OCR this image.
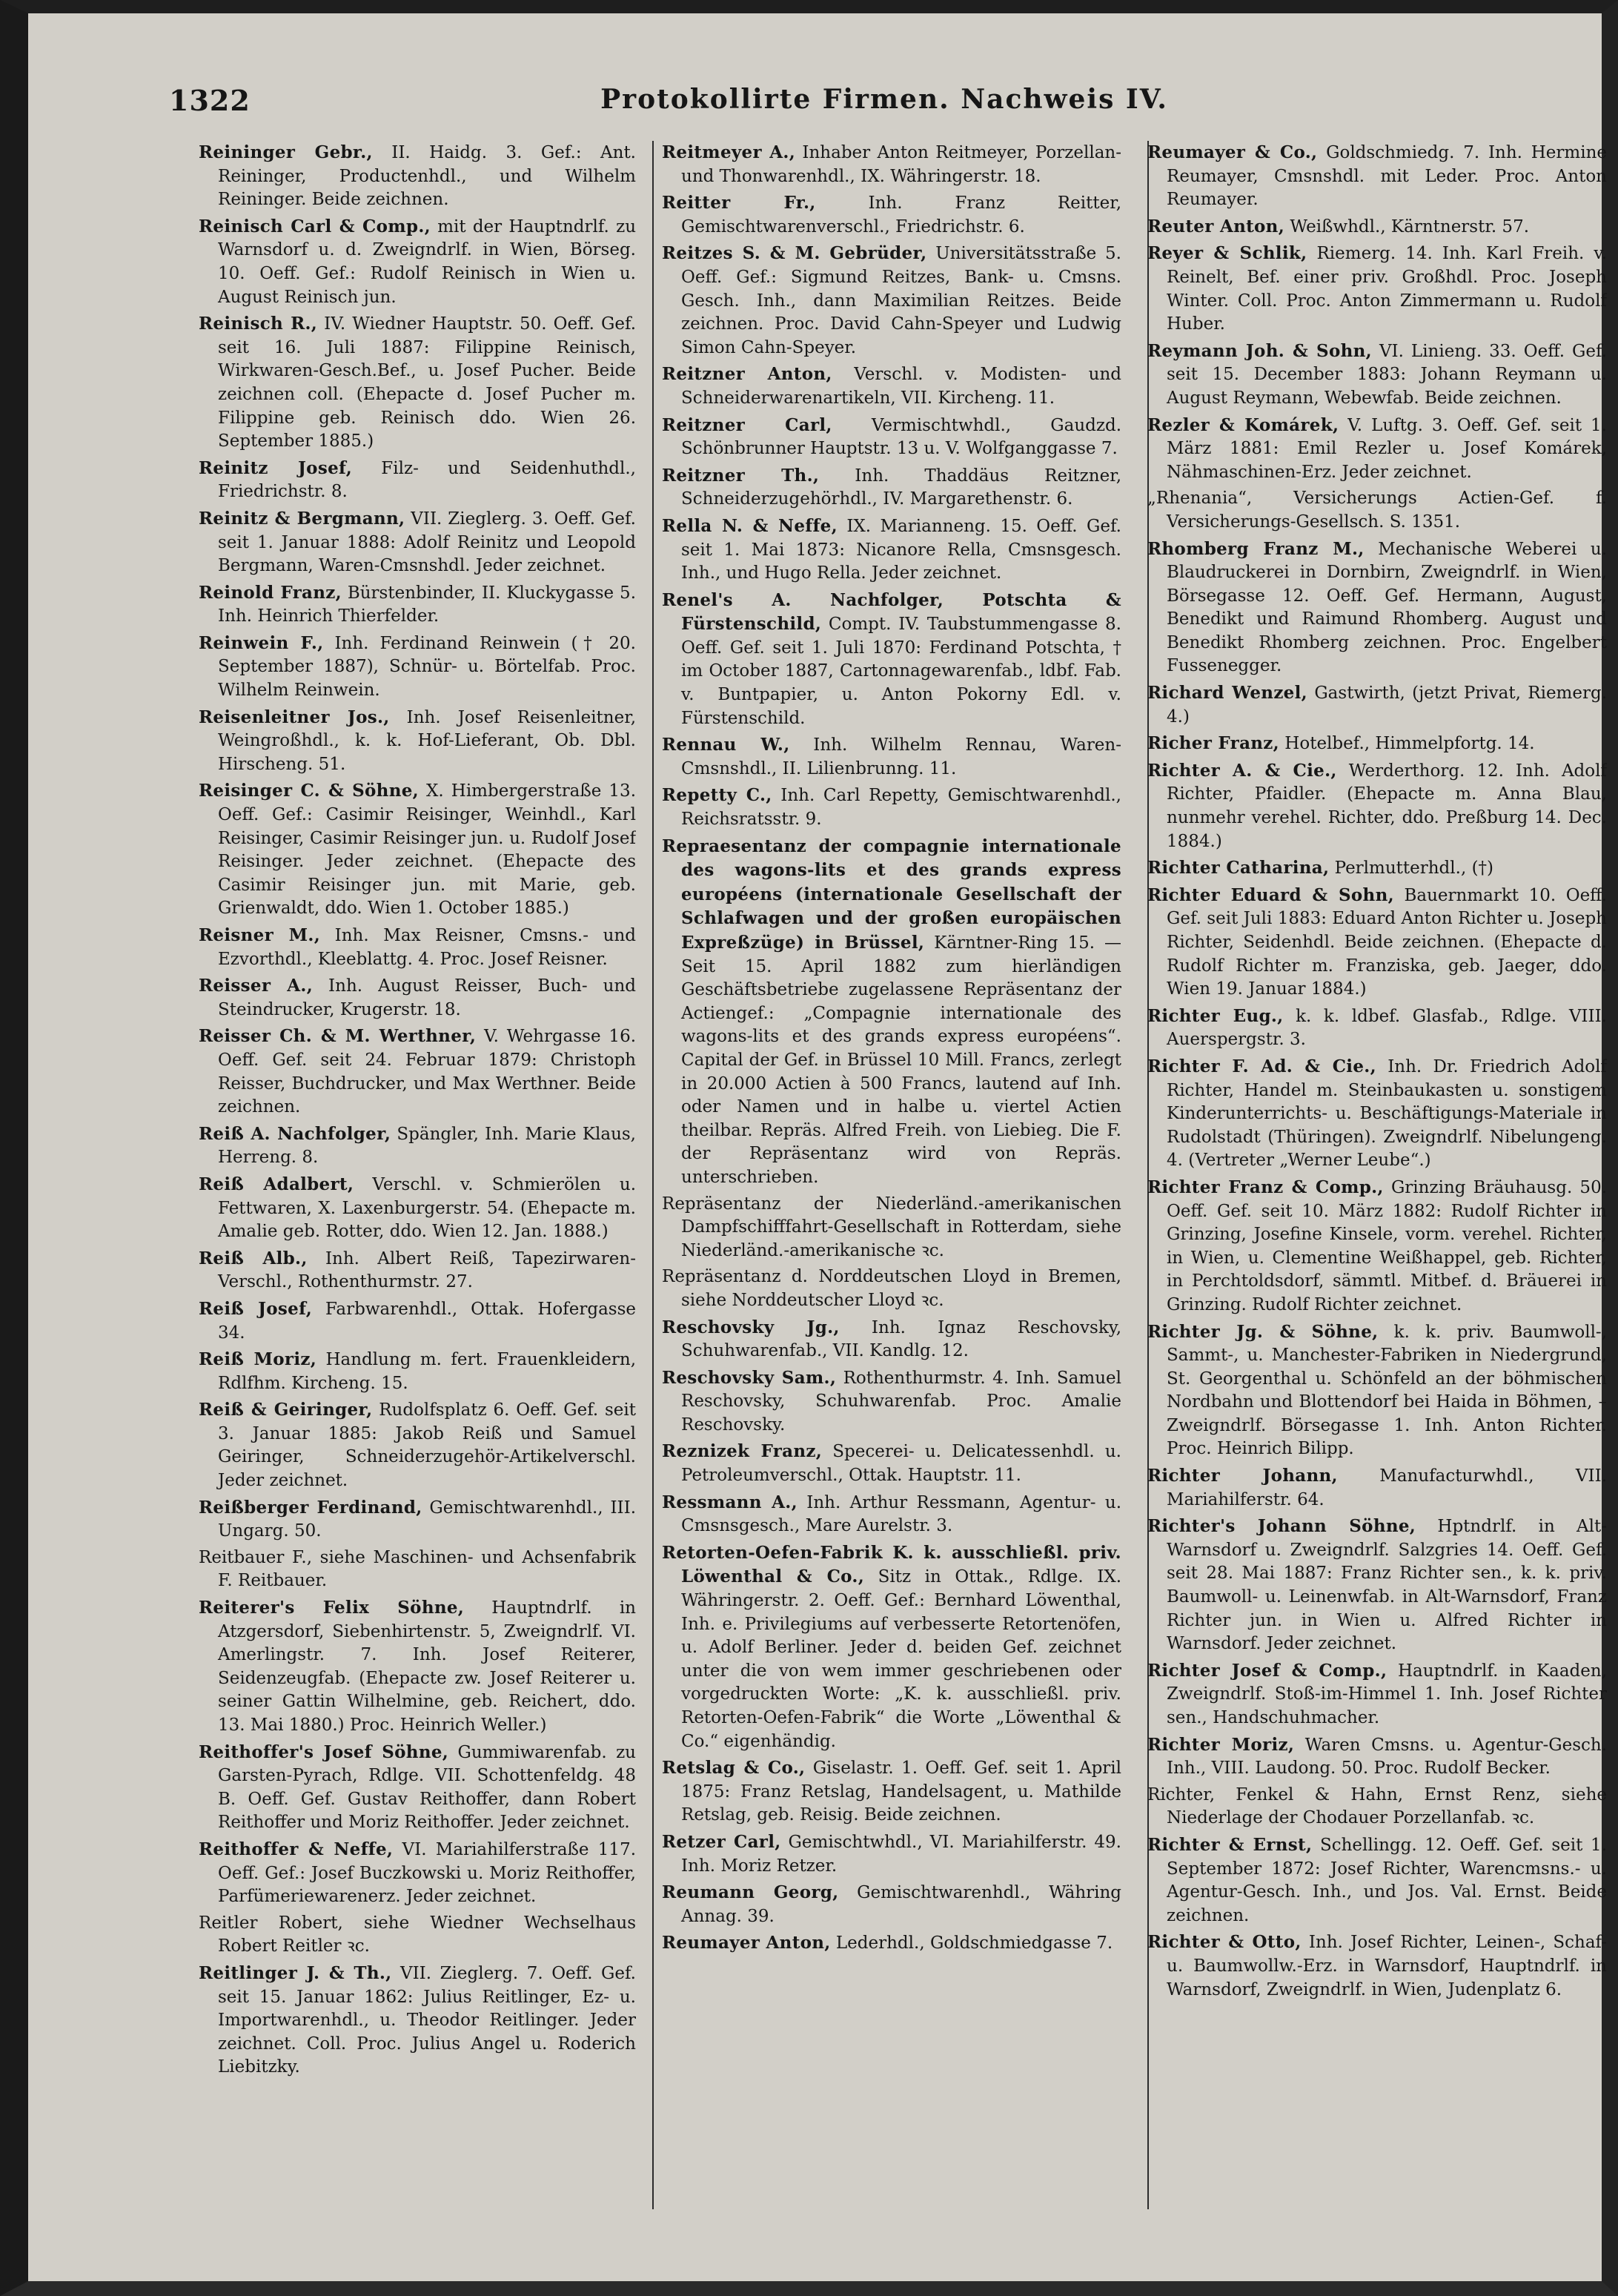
1322	Protokollirte Firmen. Nachweis IV.

Reininger Gebr., II. Haidg. 3. Gef.: Ant. Reininger, Productenhdl., und Wilhelm Reininger. Beide zeichnen.

Reinisch Carl & Comp., mit der Hauptndrlf. zu Warnsdorf u. d. Zweigndrlf. in Wien, Börseg. 10. Oeff. Gef.: Rudolf Reinisch in Wien u. August Reinisch jun.

Reinisch R., IV. Wiedner Hauptstr. 50. Oeff. Gef. seit 16. Juli 1887: Filippine Reinisch, Wirkwaren-Gesch.Bef., u. Josef Pucher. Beide zeichnen coll. (Ehepacte d. Josef Pucher m. Filippine geb. Reinisch ddo. Wien 26. September 1885.)

Reinitz Josef, Filz- und Seidenhuthdl., Friedrichstr. 8.

Reinitz & Bergmann, VII. Zieglerg. 3. Oeff. Gef. seit 1. Januar 1888: Adolf Reinitz und Leopold Bergmann, Waren-Cmsnshdl. Jeder zeichnet.

Reinold Franz, Bürstenbinder, II. Kluckygasse 5. Inh. Heinrich Thierfelder.

Reinwein F., Inh. Ferdinand Reinwein († 20. September 1887), Schnür- u. Börtelfab. Proc. Wilhelm Reinwein.

Reisenleitner Jos., Inh. Josef Reisenleitner, Weingroßhdl., k. k. Hof-Lieferant, Ob. Dbl. Hirscheng. 51.

Reisinger C. & Söhne, X. Himbergerstraße 13. Oeff. Gef.: Casimir Reisinger, Weinhdl., Karl Reisinger, Casimir Reisinger jun. u. Rudolf Josef Reisinger. Jeder zeichnet. (Ehepacte des Casimir Reisinger jun. mit Marie, geb. Grienwaldt, ddo. Wien 1. October 1885.)

Reisner M., Inh. Max Reisner, Cmsns.- und Ezvorthdl., Kleeblattg. 4. Proc. Josef Reisner.

Reisser A., Inh. August Reisser, Buch- und Steindrucker, Krugerstr. 18.

Reisser Ch. & M. Werthner, V. Wehrgasse 16. Oeff. Gef. seit 24. Februar 1879: Christoph Reisser, Buchdrucker, und Max Werthner. Beide zeichnen.

Reiß A. Nachfolger, Spängler, Inh. Marie Klaus, Herreng. 8.

Reiß Adalbert, Verschl. v. Schmierölen u. Fettwaren, X. Laxenburgerstr. 54. (Ehepacte m. Amalie geb. Rotter, ddo. Wien 12. Jan. 1888.)

Reiß Alb., Inh. Albert Reiß, Tapezirwaren-Verschl., Rothenthurmstr. 27.

Reiß Josef, Farbwarenhdl., Ottak. Hofergasse 34.

Reiß Moriz, Handlung m. fert. Frauenkleidern, Rdlfhm. Kircheng. 15.

Reiß & Geiringer, Rudolfsplatz 6. Oeff. Gef. seit 3. Januar 1885: Jakob Reiß und Samuel Geiringer, Schneiderzugehör-Artikelverschl. Jeder zeichnet.

Reißberger Ferdinand, Gemischtwarenhdl., III. Ungarg. 50.

Reitbauer F., siehe Maschinen- und Achsenfabrik F. Reitbauer.

Reiterer's Felix Söhne, Hauptndrlf. in Atzgersdorf, Siebenhirtenstr. 5, Zweigndrlf. VI. Amerlingstr. 7. Inh. Josef Reiterer, Seidenzeugfab. (Ehepacte zw. Josef Reiterer u. seiner Gattin Wilhelmine, geb. Reichert, ddo. 13. Mai 1880.) Proc. Heinrich Weller.)

Reithoffer's Josef Söhne, Gummiwarenfab. zu Garsten-Pyrach, Rdlge. VII. Schottenfeldg. 48 B. Oeff. Gef. Gustav Reithoffer, dann Robert Reithoffer und Moriz Reithoffer. Jeder zeichnet.

Reithoffer & Neffe, VI. Mariahilferstraße 117. Oeff. Gef.: Josef Buczkowski u. Moriz Reithoffer, Parfümeriewarenerz. Jeder zeichnet.

Reitler Robert, siehe Wiedner Wechselhaus Robert Reitler ꝛc.

Reitlinger J. & Th., VII. Zieglerg. 7. Oeff. Gef. seit 15. Januar 1862: Julius Reitlinger, Ez- u. Importwarenhdl., u. Theodor Reitlinger. Jeder zeichnet. Coll. Proc. Julius Angel u. Roderich Liebitzky.

Reitmeyer A., Inhaber Anton Reitmeyer, Porzellan- und Thonwarenhdl., IX. Währingerstr. 18.

Reitter Fr.,	Inh. Franz Reitter, Gemischtwarenverschl., Friedrichstr. 6.

Reitzes S. & M. Gebrüder, Universitätsstraße 5. Oeff. Gef.: Sigmund Reitzes, Bank- u. Cmsns. Gesch. Inh., dann Maximilian Reitzes. Beide zeichnen. Proc. David Cahn-Speyer und Ludwig Simon Cahn-Speyer.

Reitzner Anton, Verschl. v. Modisten- und Schneiderwarenartikeln, VII. Kircheng. 11.

Reitzner Carl, Vermischtwhdl., Gaudzd. Schönbrunner Hauptstr. 13 u. V. Wolfganggasse 7.

Reitzner Th., Inh. Thaddäus Reitzner, Schneiderzugehörhdl., IV. Margarethenstr. 6.

Rella N. & Neffe, IX. Marianneng. 15. Oeff. Gef. seit 1. Mai 1873: Nicanore Rella, Cmsnsgesch. Inh., und Hugo Rella. Jeder zeichnet.

Renel's A. Nachfolger, Potschta & Fürstenschild, Compt. IV. Taubstummengasse 8. Oeff. Gef. seit 1. Juli 1870: Ferdinand Potschta, † im October 1887, Cartonnagewarenfab., ldbf. Fab. v. Buntpapier, u. Anton Pokorny Edl. v. Fürstenschild.

Rennau W., Inh. Wilhelm Rennau, Waren-Cmsnshdl., II. Lilienbrunng. 11.

Repetty C., Inh. Carl Repetty, Gemischtwarenhdl., Reichsratsstr. 9.

Repraesentanz der compagnie internationale des wagons-lits et des grands express européens (internationale Gesellschaft der Schlafwagen und der großen europäischen Expreßzüge) in Brüssel, Kärntner-Ring 15. — Seit 15. April 1882 zum hierländigen Geschäftsbetriebe zugelassene Repräsentanz der Actiengef.: „Compagnie internationale des wagons-lits et des grands express européens“. Capital der Gef. in Brüssel 10 Mill. Francs, zerlegt in 20.000 Actien à 500 Francs, lautend auf Inh. oder Namen und in halbe u. viertel Actien theilbar. Repräs. Alfred Freih. von Liebieg. Die F. der Repräsentanz wird von Repräs. unterschrieben.

Repräsentanz der Niederländ.-amerikanischen Dampfschifffahrt-Gesellschaft in Rotterdam, siehe Niederländ.-amerikanische ꝛc.

Repräsentanz d. Norddeutschen Lloyd in Bremen, siehe Norddeutscher Lloyd ꝛc.

Reschovsky Jg., Inh. Ignaz Reschovsky, Schuhwarenfab., VII. Kandlg. 12.

Reschovsky Sam., Rothenthurmstr. 4. Inh. Samuel Reschovsky, Schuhwarenfab. Proc. Amalie Reschovsky.

Reznizek Franz, Specerei- u. Delicatessenhdl. u. Petroleumverschl., Ottak. Hauptstr. 11.

Ressmann A., Inh. Arthur Ressmann, Agentur- u. Cmsnsgesch., Mare Aurelstr. 3.

Retorten-Oefen-Fabrik K. k. ausschließl. priv. Löwenthal & Co., Sitz in Ottak., Rdlge. IX. Währingerstr. 2. Oeff. Gef.: Bernhard Löwenthal, Inh. e. Privilegiums auf verbesserte Retortenöfen, u. Adolf Berliner. Jeder d. beiden Gef. zeichnet unter die von wem immer geschriebenen oder vorgedruckten Worte: „K. k. ausschließl. priv. Retorten-Oefen-Fabrik“ die Worte „Löwenthal & Co.“ eigenhändig.

Retslag & Co., Giselastr. 1. Oeff. Gef. seit 1. April 1875: Franz Retslag, Handelsagent, u. Mathilde Retslag, geb. Reisig. Beide zeichnen.

Retzer Carl, Gemischtwhdl., VI. Mariahilferstr. 49. Inh. Moriz Retzer.

Reumann Georg, Gemischtwarenhdl., Währing Annag. 39.

Reumayer Anton, Lederhdl., Goldschmiedgasse 7.

Reumayer & Co., Goldschmiedg. 7. Inh. Hermine Reumayer, Cmsnshdl. mit Leder. Proc. Anton Reumayer.

Reuter Anton, Weißwhdl., Kärntnerstr. 57.

Reyer & Schlik, Riemerg. 14. Inh. Karl Freih. v. Reinelt, Bef. einer priv. Großhdl. Proc. Joseph Winter. Coll. Proc. Anton Zimmermann u. Rudolf Huber.

Reymann Joh. & Sohn, VI. Linieng. 33. Oeff. Gef. seit 15. December 1883: Johann Reymann u. August Reymann, Webewfab. Beide zeichnen.

Rezler & Komárek, V. Luftg. 3. Oeff. Gef. seit 1. März 1881: Emil Rezler u. Josef Komárek, Nähmaschinen-Erz. Jeder zeichnet.

„Rhenania“, Versicherungs Actien-Gef. f. Versicherungs-Gesellsch. S. 1351.

Rhomberg Franz M., Mechanische Weberei u. Blaudruckerei in Dornbirn, Zweigndrlf. in Wien, Börsegasse 12. Oeff. Gef. Hermann, August, Benedikt und Raimund Rhomberg. August und Benedikt Rhomberg zeichnen. Proc. Engelbert Fussenegger.

Richard Wenzel, Gastwirth, (jetzt Privat, Riemerg. 4.)

Richer Franz, Hotelbef., Himmelpfortg. 14.

Richter A. & Cie., Werderthorg. 12. Inh. Adolf Richter, Pfaidler. (Ehepacte m. Anna Blau, nunmehr verehel. Richter, ddo. Preßburg 14. Dec. 1884.)

Richter Catharina, Perlmutterhdl., (†)

Richter Eduard & Sohn, Bauernmarkt 10. Oeff. Gef. seit Juli 1883: Eduard Anton Richter u. Joseph Richter, Seidenhdl. Beide zeichnen. (Ehepacte d. Rudolf Richter m. Franziska, geb. Jaeger, ddo. Wien 19. Januar 1884.)

Richter Eug., k. k. ldbef. Glasfab., Rdlge. VIII. Auerspergstr. 3.

Richter F. Ad. & Cie., Inh. Dr. Friedrich Adolf Richter, Handel m. Steinbaukasten u. sonstigem Kinderunterrichts- u. Beschäftigungs-Materiale in Rudolstadt (Thüringen). Zweigndrlf. Nibelungeng. 4. (Vertreter „Werner Leube“.)

Richter Franz & Comp., Grinzing Bräuhausg. 50. Oeff. Gef. seit 10. März 1882: Rudolf Richter in Grinzing, Josefine Kinsele, vorm. verehel. Richter, in Wien, u. Clementine Weißhappel, geb. Richter, in Perchtoldsdorf, sämmtl. Mitbef. d. Bräuerei in Grinzing. Rudolf Richter zeichnet.

Richter Jg. & Söhne, k. k. priv. Baumwoll-, Sammt-, u. Manchester-Fabriken in Niedergrund, St. Georgenthal u. Schönfeld an der böhmischen Nordbahn und Blottendorf bei Haida in Böhmen, – Zweigndrlf. Börsegasse 1. Inh. Anton Richter. Proc. Heinrich Bilipp.

Richter Johann, Manufacturwhdl., VII. Mariahilferstr. 64.

Richter's Johann Söhne, Hptndrlf. in Alt-Warnsdorf u. Zweigndrlf. Salzgries 14. Oeff. Gef. seit 28. Mai 1887: Franz Richter sen., k. k. priv. Baumwoll- u. Leinenwfab. in Alt-Warnsdorf, Franz Richter jun. in Wien u. Alfred Richter in Warnsdorf. Jeder zeichnet.

Richter Josef & Comp., Hauptndrlf. in Kaaden, Zweigndrlf. Stoß-im-Himmel 1. Inh. Josef Richter sen., Handschuhmacher.

Richter Moriz, Waren Cmsns. u. Agentur-Gesch. Inh., VIII. Laudong. 50. Proc. Rudolf Becker.

Richter, Fenkel & Hahn, Ernst Renz, siehe Niederlage der Chodauer Porzellanfab. ꝛc.

Richter & Ernst, Schellingg. 12. Oeff. Gef. seit 1. September 1872: Josef Richter, Warencmsns.- u. Agentur-Gesch. Inh., und Jos. Val. Ernst. Beide zeichnen.

Richter & Otto, Inh. Josef Richter, Leinen-, Schaf- u. Baumwollw.-Erz. in Warnsdorf, Hauptndrlf. in Warnsdorf, Zweigndrlf. in Wien, Judenplatz 6.
